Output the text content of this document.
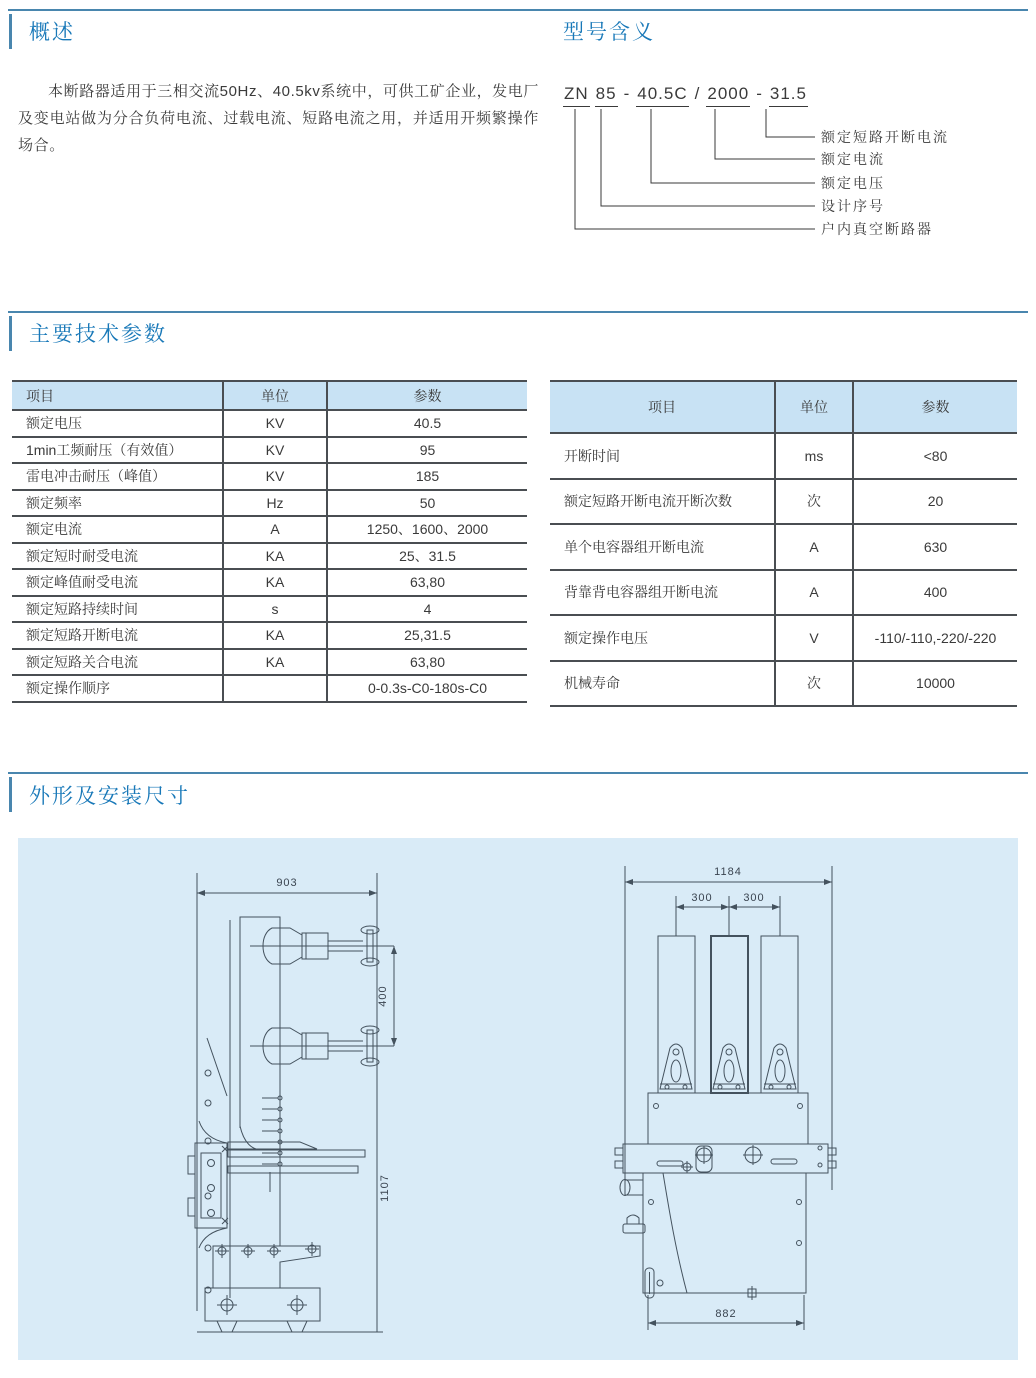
概述	型号含义
本断路器适用于三相交流50Hz、40.5kv系统中，可供工矿企业，发电厂及变电站做为分合负荷电流、过载电流、短路电流之用，并适用开频繁操作场合。
ZN 85 - 40.5C / 2000 - 31.5
额定短路开断电流
额定电流
额定电压
设计序号
户内真空断路器
主要技术参数
项目	单位	参数
额定电压	KV	40.5
1min工频耐压（有效值）	KV	95
雷电冲击耐压（峰值）	KV	185
额定频率	Hz	50
额定电流	A	1250、1600、2000
额定短时耐受电流	KA	25、31.5
额定峰值耐受电流	KA	63,80
额定短路持续时间	s	4
额定短路开断电流	KA	25,31.5
额定短路关合电流	KA	63,80
额定操作顺序		0-0.3s-C0-180s-C0
项目	单位	参数
开断时间	ms	<80
额定短路开断电流开断次数	次	20
单个电容器组开断电流	A	630
背靠背电容器组开断电流	A	400
额定操作电压	V	-110/-110,-220/-220
机械寿命	次	10000
外形及安装尺寸
903
400
1107
1184
300	300
882
